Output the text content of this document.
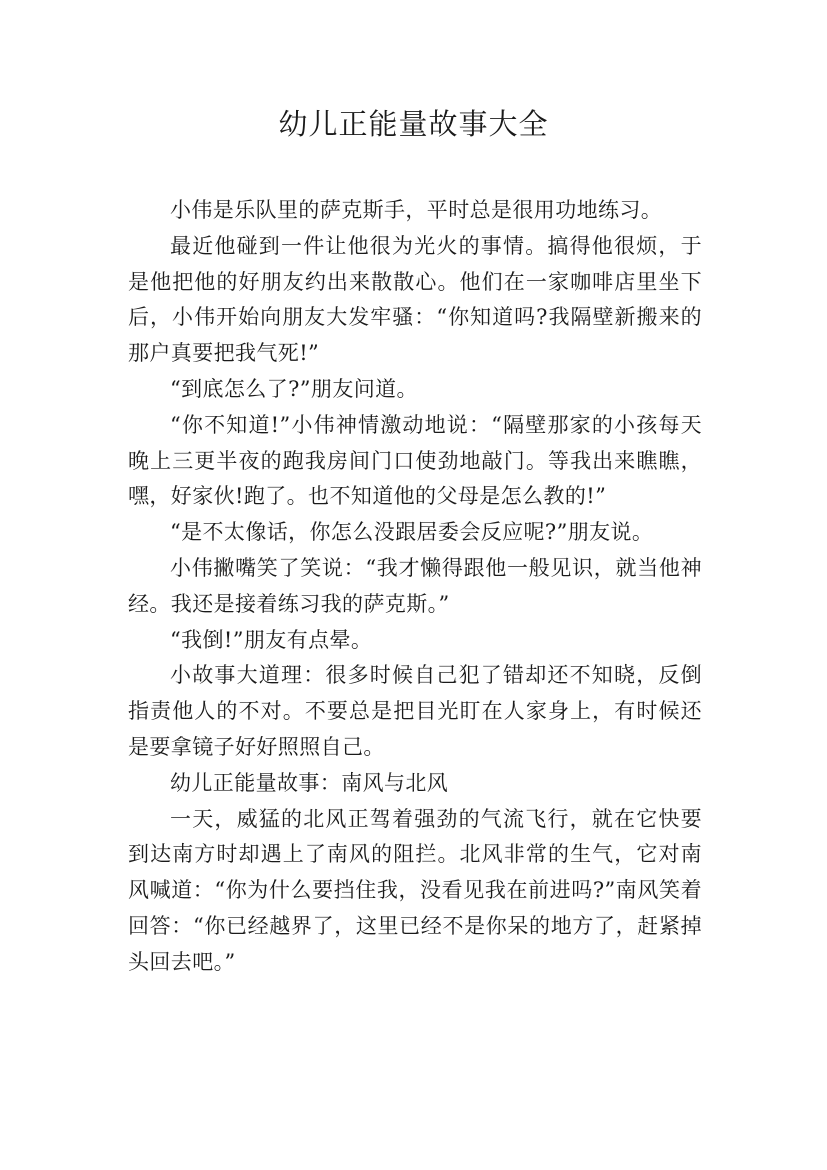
幼儿正能量故事大全

小伟是乐队里的萨克斯手，平时总是很用功地练习。

最近他碰到一件让他很为光火的事情。搞得他很烦，于是他把他的好朋友约出来散散心。他们在一家咖啡店里坐下后，小伟开始向朋友大发牢骚：“你知道吗?我隔壁新搬来的那户真要把我气死!”

“到底怎么了?”朋友问道。

“你不知道!”小伟神情激动地说：“隔壁那家的小孩每天晚上三更半夜的跑我房间门口使劲地敲门。等我出来瞧瞧，嘿，好家伙!跑了。也不知道他的父母是怎么教的!”

“是不太像话，你怎么没跟居委会反应呢?”朋友说。

小伟撇嘴笑了笑说：“我才懒得跟他一般见识，就当他神经。我还是接着练习我的萨克斯。”

“我倒!”朋友有点晕。

小故事大道理：很多时候自己犯了错却还不知晓，反倒指责他人的不对。不要总是把目光盯在人家身上，有时候还是要拿镜子好好照照自己。

幼儿正能量故事：南风与北风

一天，威猛的北风正驾着强劲的气流飞行，就在它快要到达南方时却遇上了南风的阻拦。北风非常的生气，它对南风喊道：“你为什么要挡住我，没看见我在前进吗?”南风笑着回答：“你已经越界了，这里已经不是你呆的地方了，赶紧掉头回去吧。”
